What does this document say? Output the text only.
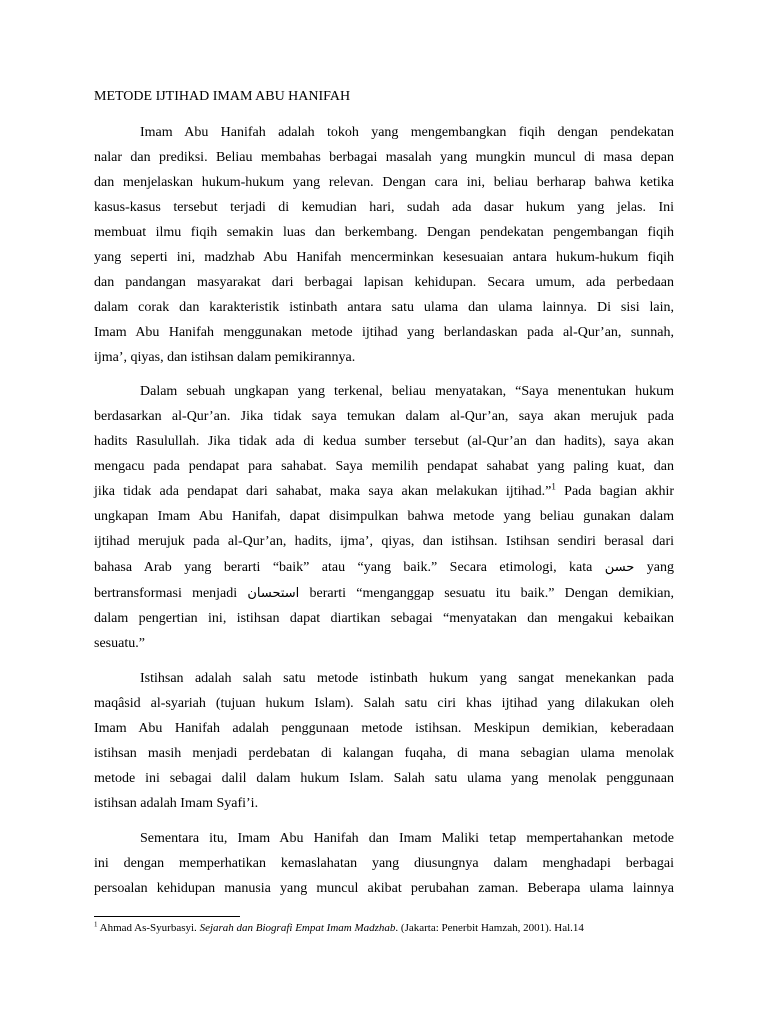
METODE IJTIHAD IMAM ABU HANIFAH
Imam Abu Hanifah adalah tokoh yang mengembangkan fiqih dengan pendekatan
nalar dan prediksi. Beliau membahas berbagai masalah yang mungkin muncul di masa depan
dan menjelaskan hukum-hukum yang relevan. Dengan cara ini, beliau berharap bahwa ketika
kasus-kasus tersebut terjadi di kemudian hari, sudah ada dasar hukum yang jelas. Ini
membuat ilmu fiqih semakin luas dan berkembang. Dengan pendekatan pengembangan fiqih
yang seperti ini, madzhab Abu Hanifah mencerminkan kesesuaian antara hukum-hukum fiqih
dan pandangan masyarakat dari berbagai lapisan kehidupan. Secara umum, ada perbedaan
dalam corak dan karakteristik istinbath antara satu ulama dan ulama lainnya. Di sisi lain,
Imam Abu Hanifah menggunakan metode ijtihad yang berlandaskan pada al-Qur’an, sunnah,
ijma’, qiyas, dan istihsan dalam pemikirannya.
Dalam sebuah ungkapan yang terkenal, beliau menyatakan, “Saya menentukan hukum
berdasarkan al-Qur’an. Jika tidak saya temukan dalam al-Qur’an, saya akan merujuk pada
hadits Rasulullah. Jika tidak ada di kedua sumber tersebut (al-Qur’an dan hadits), saya akan
mengacu pada pendapat para sahabat. Saya memilih pendapat sahabat yang paling kuat, dan
jika tidak ada pendapat dari sahabat, maka saya akan melakukan ijtihad.”$^1$ Pada bagian akhir
ungkapan Imam Abu Hanifah, dapat disimpulkan bahwa metode yang beliau gunakan dalam
ijtihad merujuk pada al-Qur’an, hadits, ijma’, qiyas, dan istihsan. Istihsan sendiri berasal dari
bahasa Arab yang berarti “baik” atau “yang baik.” Secara etimologi, kata حسن yang
bertransformasi menjadi استحسان berarti “menganggap sesuatu itu baik.” Dengan demikian,
dalam pengertian ini, istihsan dapat diartikan sebagai “menyatakan dan mengakui kebaikan
sesuatu.”
Istihsan adalah salah satu metode istinbath hukum yang sangat menekankan pada
maqâsid al-syariah (tujuan hukum Islam). Salah satu ciri khas ijtihad yang dilakukan oleh
Imam Abu Hanifah adalah penggunaan metode istihsan. Meskipun demikian, keberadaan
istihsan masih menjadi perdebatan di kalangan fuqaha, di mana sebagian ulama menolak
metode ini sebagai dalil dalam hukum Islam. Salah satu ulama yang menolak penggunaan
istihsan adalah Imam Syafi’i.
Sementara itu, Imam Abu Hanifah dan Imam Maliki tetap mempertahankan metode
ini dengan memperhatikan kemaslahatan yang diusungnya dalam menghadapi berbagai
persoalan kehidupan manusia yang muncul akibat perubahan zaman. Beberapa ulama lainnya
$^1$ Ahmad As-Syurbasyi. Sejarah dan Biografi Empat Imam Madzhab. (Jakarta: Penerbit Hamzah, 2001). Hal.14
